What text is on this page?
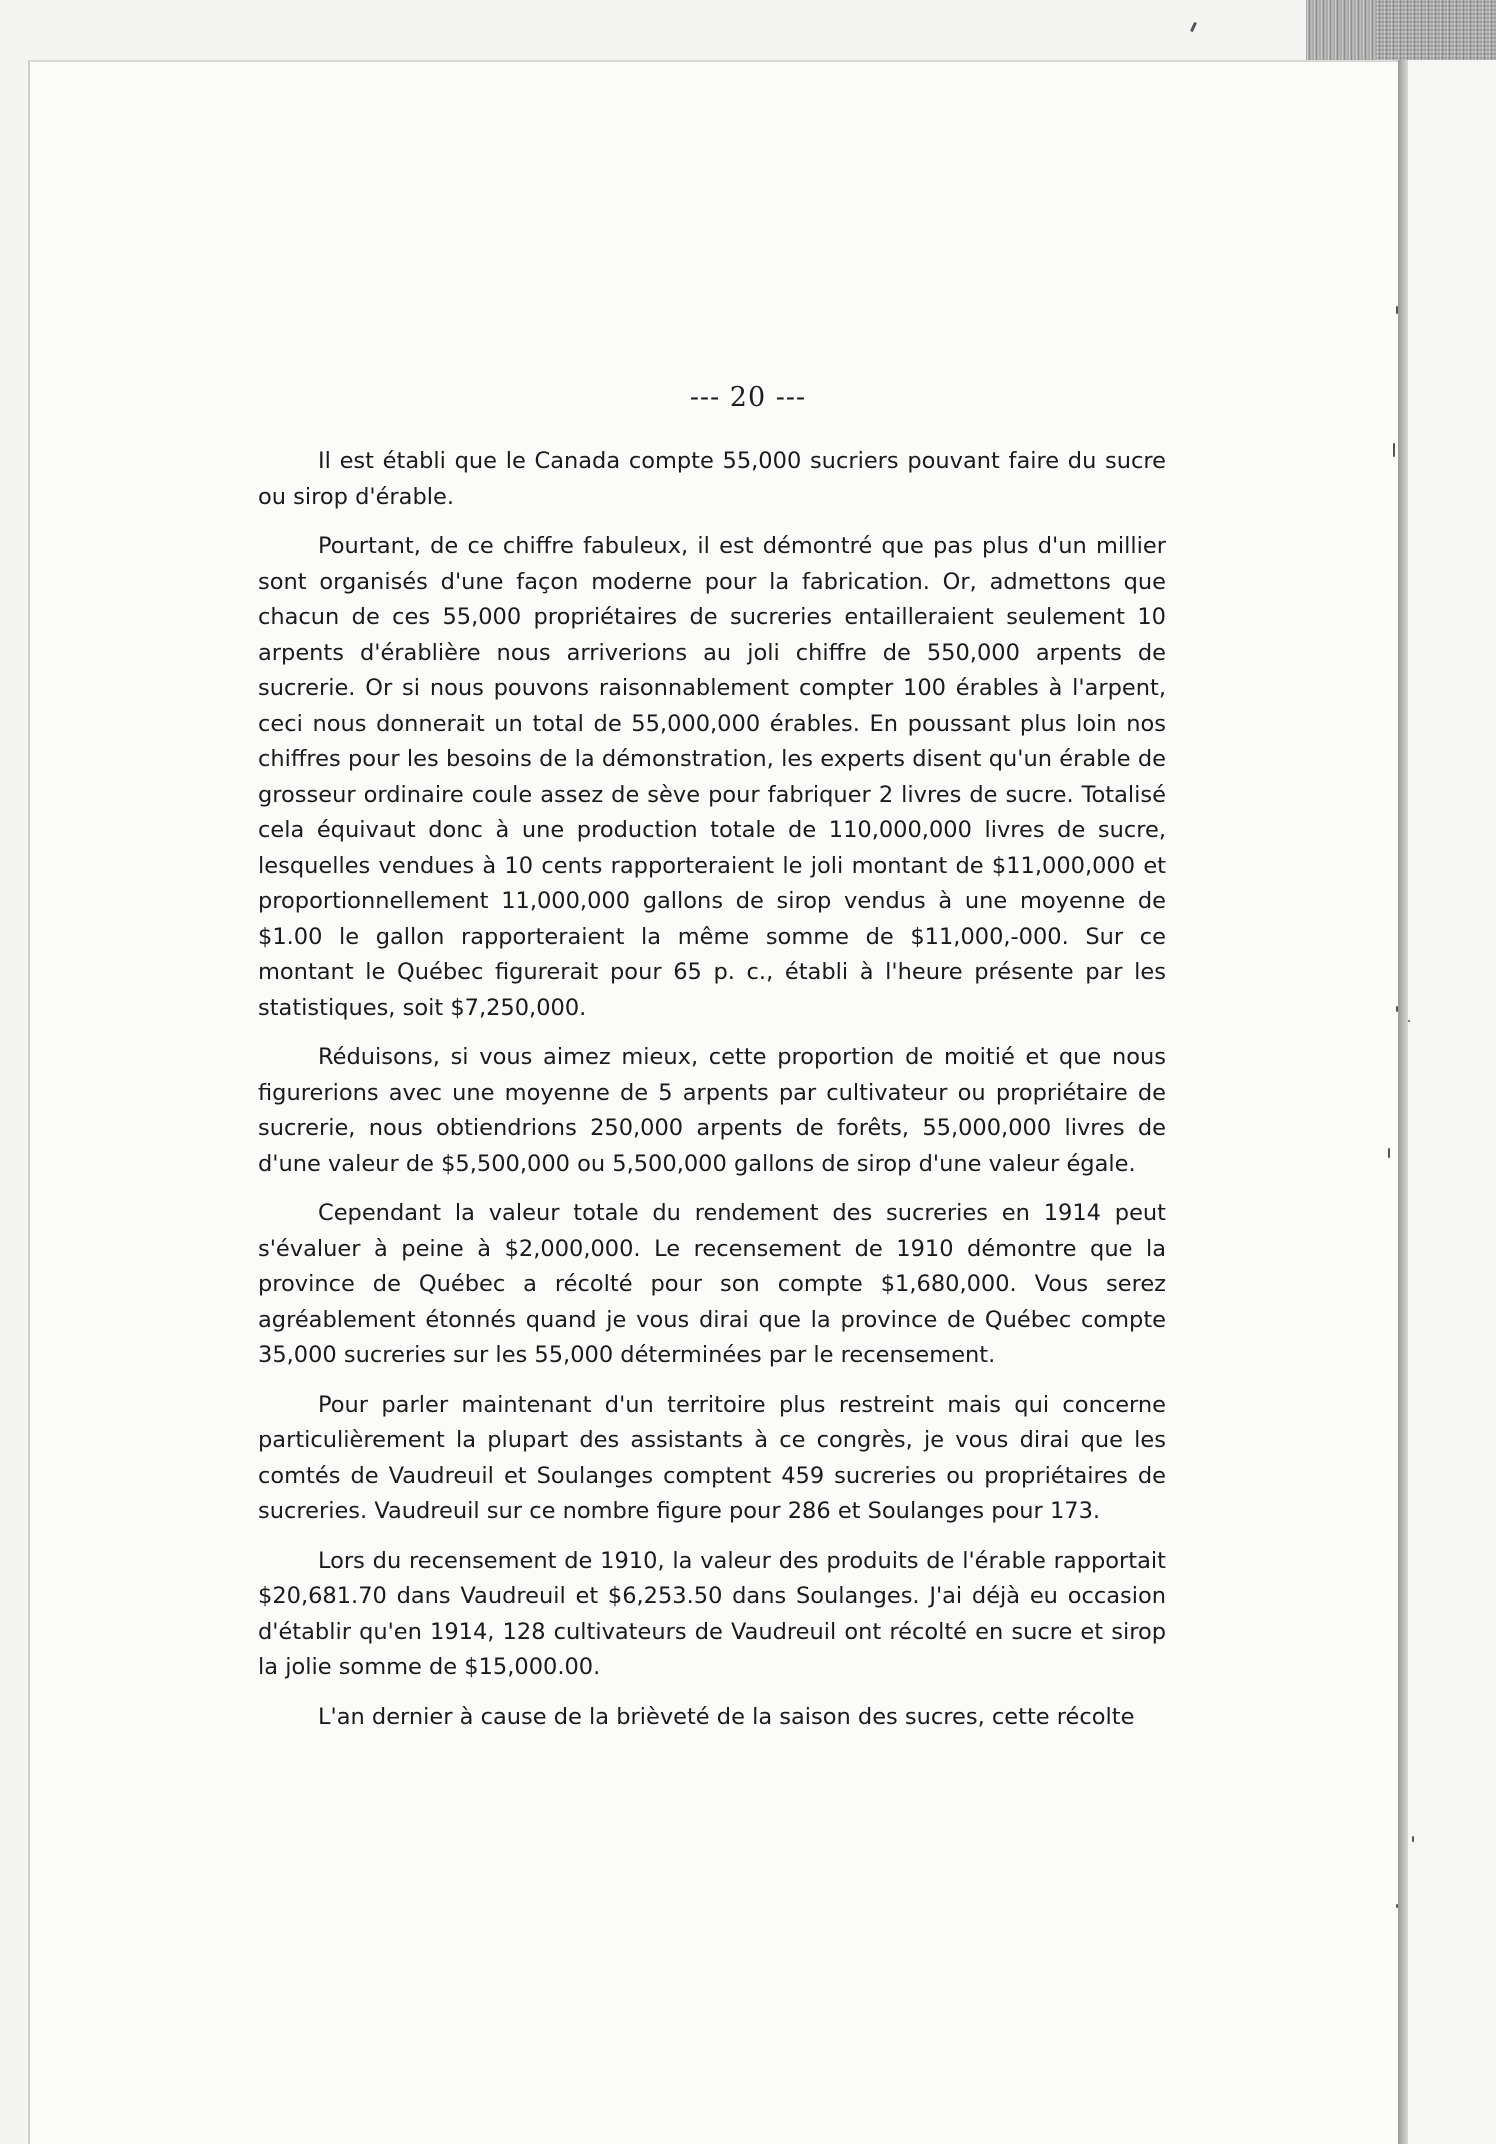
--- 20 ---

Il est établi que le Canada compte 55,000 sucriers pouvant faire du sucre ou sirop d'érable.

Pourtant, de ce chiffre fabuleux, il est démontré que pas plus d'un millier sont organisés d'une façon moderne pour la fabrication. Or, admettons que chacun de ces 55,000 propriétaires de sucreries entailleraient seulement 10 arpents d'érablière nous arriverions au joli chiffre de 550,000 arpents de sucrerie. Or si nous pouvons raisonnablement compter 100 érables à l'arpent, ceci nous donnerait un total de 55,000,000 érables. En poussant plus loin nos chiffres pour les besoins de la démonstration, les experts disent qu'un érable de grosseur ordinaire coule assez de sève pour fabriquer 2 livres de sucre. Totalisé cela équivaut donc à une production totale de 110,000,000 livres de sucre, lesquelles vendues à 10 cents rapporteraient le joli montant de $11,000,000 et proportionnellement 11,000,000 gallons de sirop vendus à une moyenne de $1.00 le gallon rapporteraient la même somme de $11,000,-000. Sur ce montant le Québec figurerait pour 65 p. c., établi à l'heure présente par les statistiques, soit $7,250,000.

Réduisons, si vous aimez mieux, cette proportion de moitié et que nous figurerions avec une moyenne de 5 arpents par cultivateur ou propriétaire de sucrerie, nous obtiendrions 250,000 arpents de forêts, 55,000,000 livres de d'une valeur de $5,500,000 ou 5,500,000 gallons de sirop d'une valeur égale.

Cependant la valeur totale du rendement des sucreries en 1914 peut s'évaluer à peine à $2,000,000. Le recensement de 1910 démontre que la province de Québec a récolté pour son compte $1,680,000. Vous serez agréablement étonnés quand je vous dirai que la province de Québec compte 35,000 sucreries sur les 55,000 déterminées par le recensement.

Pour parler maintenant d'un territoire plus restreint mais qui concerne particulièrement la plupart des assistants à ce congrès, je vous dirai que les comtés de Vaudreuil et Soulanges comptent 459 sucreries ou propriétaires de sucreries. Vaudreuil sur ce nombre figure pour 286 et Soulanges pour 173.

Lors du recensement de 1910, la valeur des produits de l'érable rapportait $20,681.70 dans Vaudreuil et $6,253.50 dans Soulanges. J'ai déjà eu occasion d'établir qu'en 1914, 128 cultivateurs de Vaudreuil ont récolté en sucre et sirop la jolie somme de $15,000.00.

L'an dernier à cause de la brièveté de la saison des sucres, cette récolte
